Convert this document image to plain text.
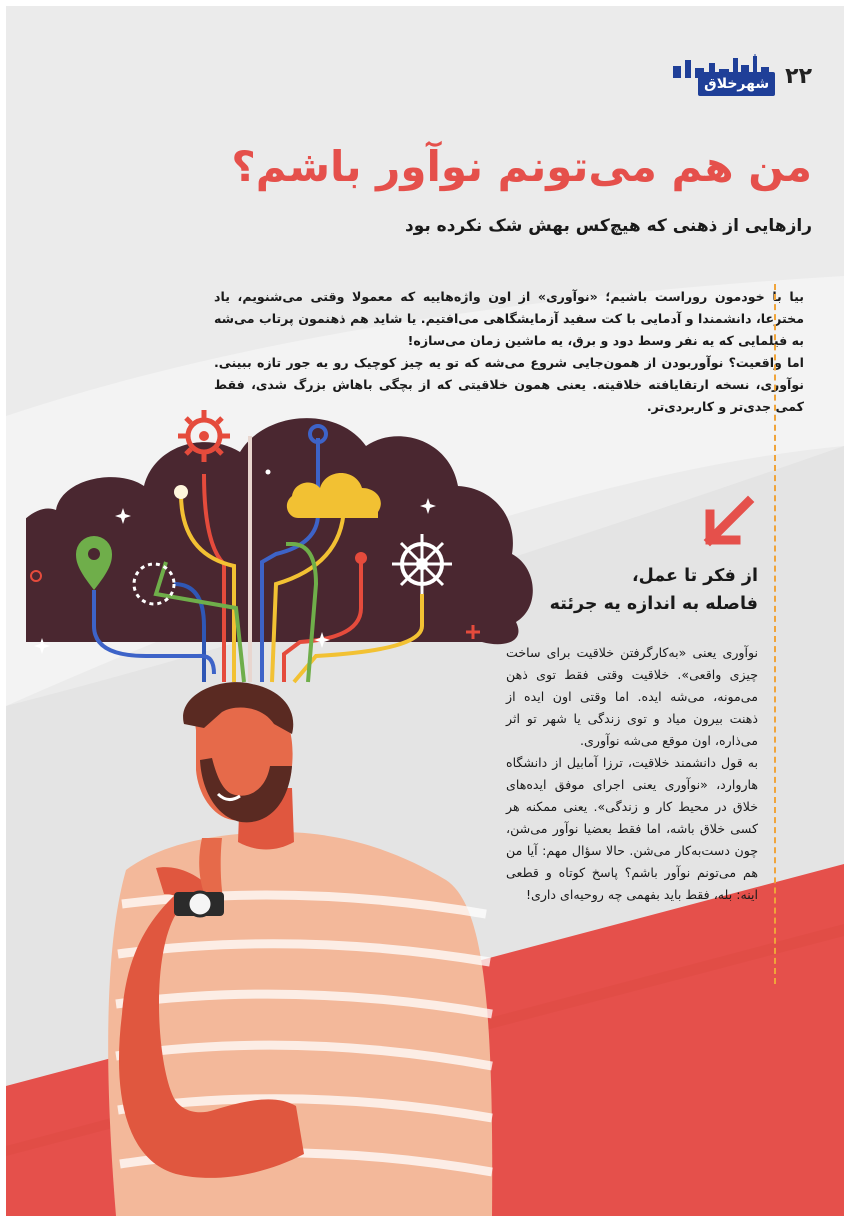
۲۲
شهرخلاق
من هم می‌تونم نوآور باشم؟
رازهایی از ذهنی که هیچ‌کس بهش شک نکرده بود

بیا با خودمون روراست باشیم؛ «نوآوری» از اون واژه‌هاییه که معمولا وقتی می‌شنویم، یاد مخترعا، دانشمندا و آدمایی با کت سفید آزمایشگاهی می‌افتیم. یا شاید هم ذهنمون پرتاب می‌شه به فیلمایی که یه نفر وسط دود و برق، یه ماشین زمان می‌سازه!

اما واقعیت؟ نوآوربودن از همون‌جایی شروع می‌شه که تو یه چیز کوچیک رو یه جور تازه ببینی. نوآوری، نسخه ارتقایافته خلاقیته. یعنی همون خلاقیتی که از بچگی باهاش بزرگ شدی، فقط کمی جدی‌تر و کاربردی‌تر.

از فکر تا عمل،
فاصله به اندازه یه جرئته

نوآوری یعنی «به‌کارگرفتن خلاقیت برای ساخت چیزی واقعی». خلاقیت وقتی فقط توی ذهن می‌مونه، می‌شه ایده. اما وقتی اون ایده از ذهنت بیرون میاد و توی زندگی یا شهر تو اثر می‌ذاره، اون موقع می‌شه نوآوری.

به قول دانشمند خلاقیت، ترزا آمابیل از دانشگاه هاروارد، «نوآوری یعنی اجرای موفق ایده‌های خلاق در محیط کار و زندگی». یعنی ممکنه هر کسی خلاق باشه، اما فقط بعضیا نوآور می‌شن، چون دست‌به‌کار می‌شن. حالا سؤال مهم: آیا من هم می‌تونم نوآور باشم؟ پاسخ کوتاه و قطعی اینه: بله، فقط باید بفهمی چه روحیه‌ای داری!
